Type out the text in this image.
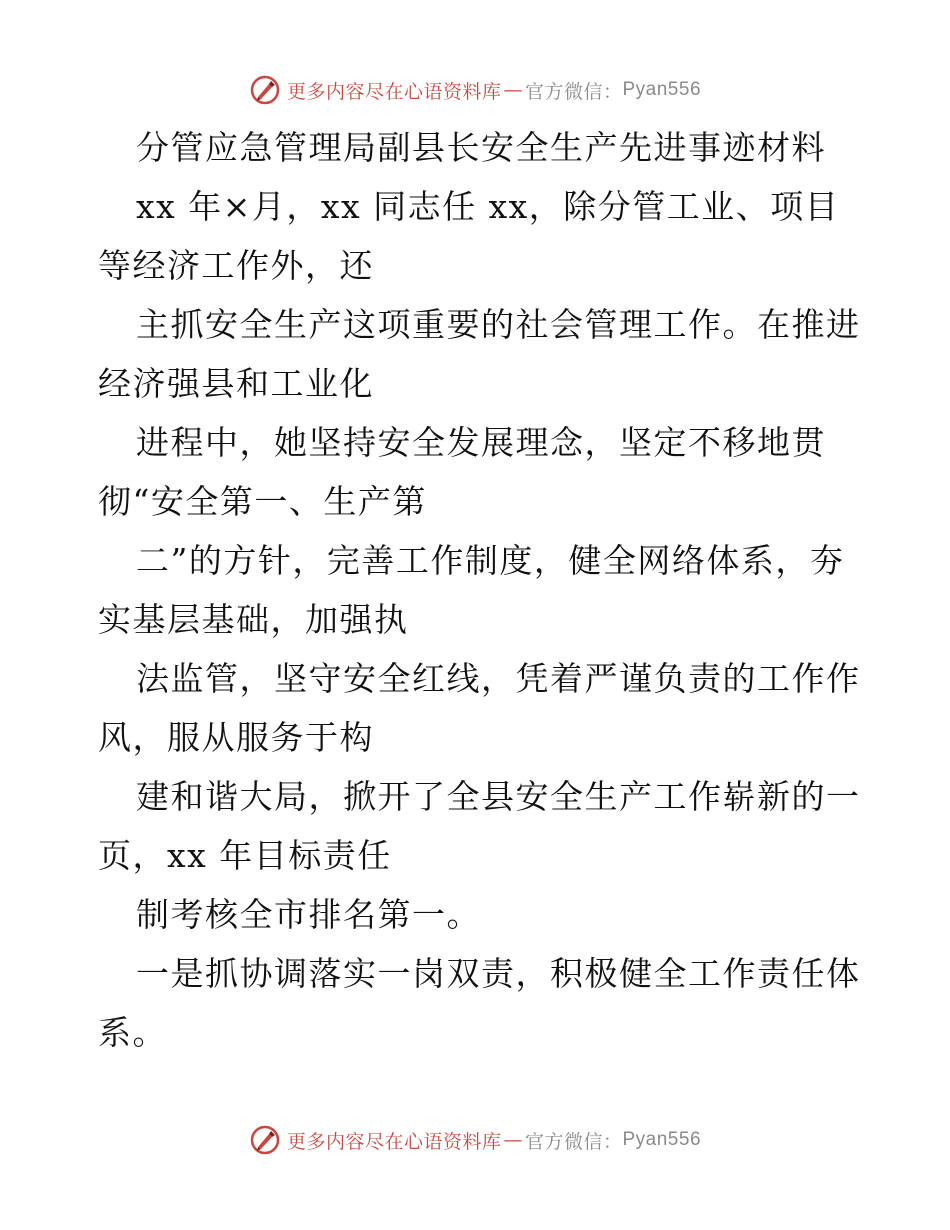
更多内容尽在心语资料库 — 官方微信： Pyan556
分管应急管理局副县长安全生产先进事迹材料
xx 年×月，xx 同志任 xx，除分管工业、项目
等经济工作外，还
主抓安全生产这项重要的社会管理工作。在推进
经济强县和工业化
进程中，她坚持安全发展理念，坚定不移地贯
彻“安全第一、生产第
二”的方针，完善工作制度，健全网络体系，夯
实基层基础，加强执
法监管，坚守安全红线，凭着严谨负责的工作作
风，服从服务于构
建和谐大局，掀开了全县安全生产工作崭新的一
页，xx 年目标责任
制考核全市排名第一。
一是抓协调落实一岗双责，积极健全工作责任体
系。
更多内容尽在心语资料库 — 官方微信： Pyan556
